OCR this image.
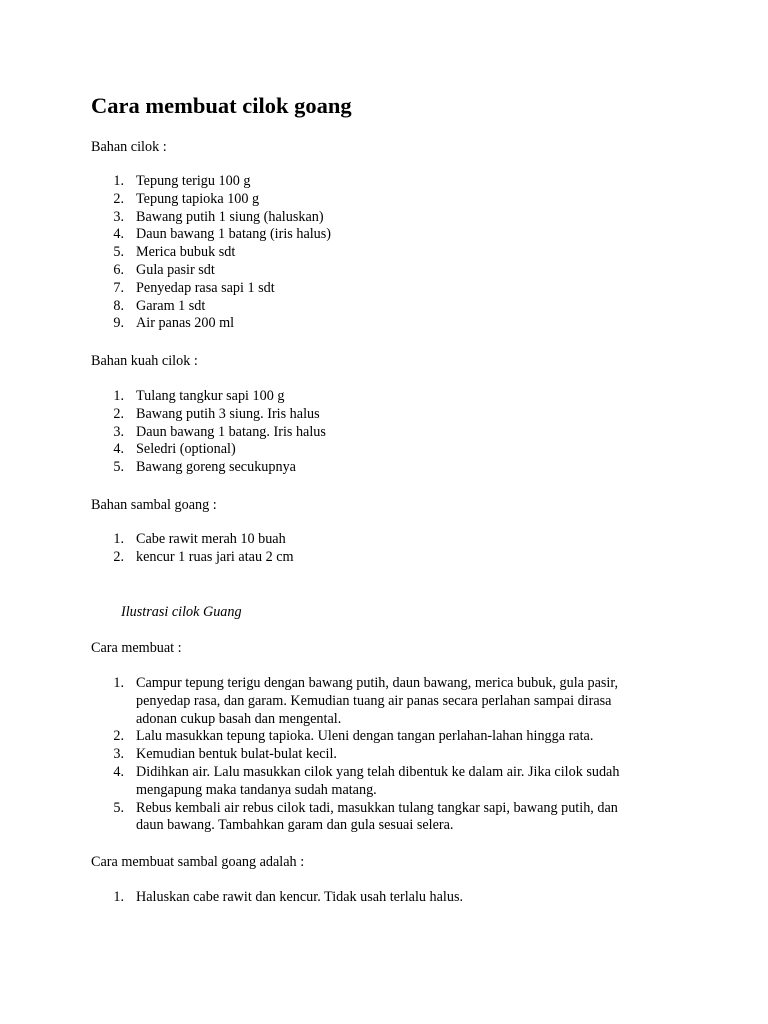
Cara membuat cilok goang

Bahan cilok :

1. Tepung terigu 100 g
2. Tepung tapioka 100 g
3. Bawang putih 1 siung (haluskan)
4. Daun bawang 1 batang (iris halus)
5. Merica bubuk sdt
6. Gula pasir sdt
7. Penyedap rasa sapi 1 sdt
8. Garam 1 sdt
9. Air panas 200 ml

Bahan kuah cilok :

1. Tulang tangkur sapi 100 g
2. Bawang putih 3 siung. Iris halus
3. Daun bawang 1 batang. Iris halus
4. Seledri (optional)
5. Bawang goreng secukupnya

Bahan sambal goang :

1. Cabe rawit merah 10 buah
2. kencur 1 ruas jari atau 2 cm

Ilustrasi cilok Guang

Cara membuat :

1. Campur tepung terigu dengan bawang putih, daun bawang, merica bubuk, gula pasir,
penyedap rasa, dan garam. Kemudian tuang air panas secara perlahan sampai dirasa
adonan cukup basah dan mengental.
2. Lalu masukkan tepung tapioka. Uleni dengan tangan perlahan-lahan hingga rata.
3. Kemudian bentuk bulat-bulat kecil.
4. Didihkan air. Lalu masukkan cilok yang telah dibentuk ke dalam air. Jika cilok sudah
mengapung maka tandanya sudah matang.
5. Rebus kembali air rebus cilok tadi, masukkan tulang tangkar sapi, bawang putih, dan
daun bawang. Tambahkan garam dan gula sesuai selera.

Cara membuat sambal goang adalah :

1. Haluskan cabe rawit dan kencur. Tidak usah terlalu halus.
